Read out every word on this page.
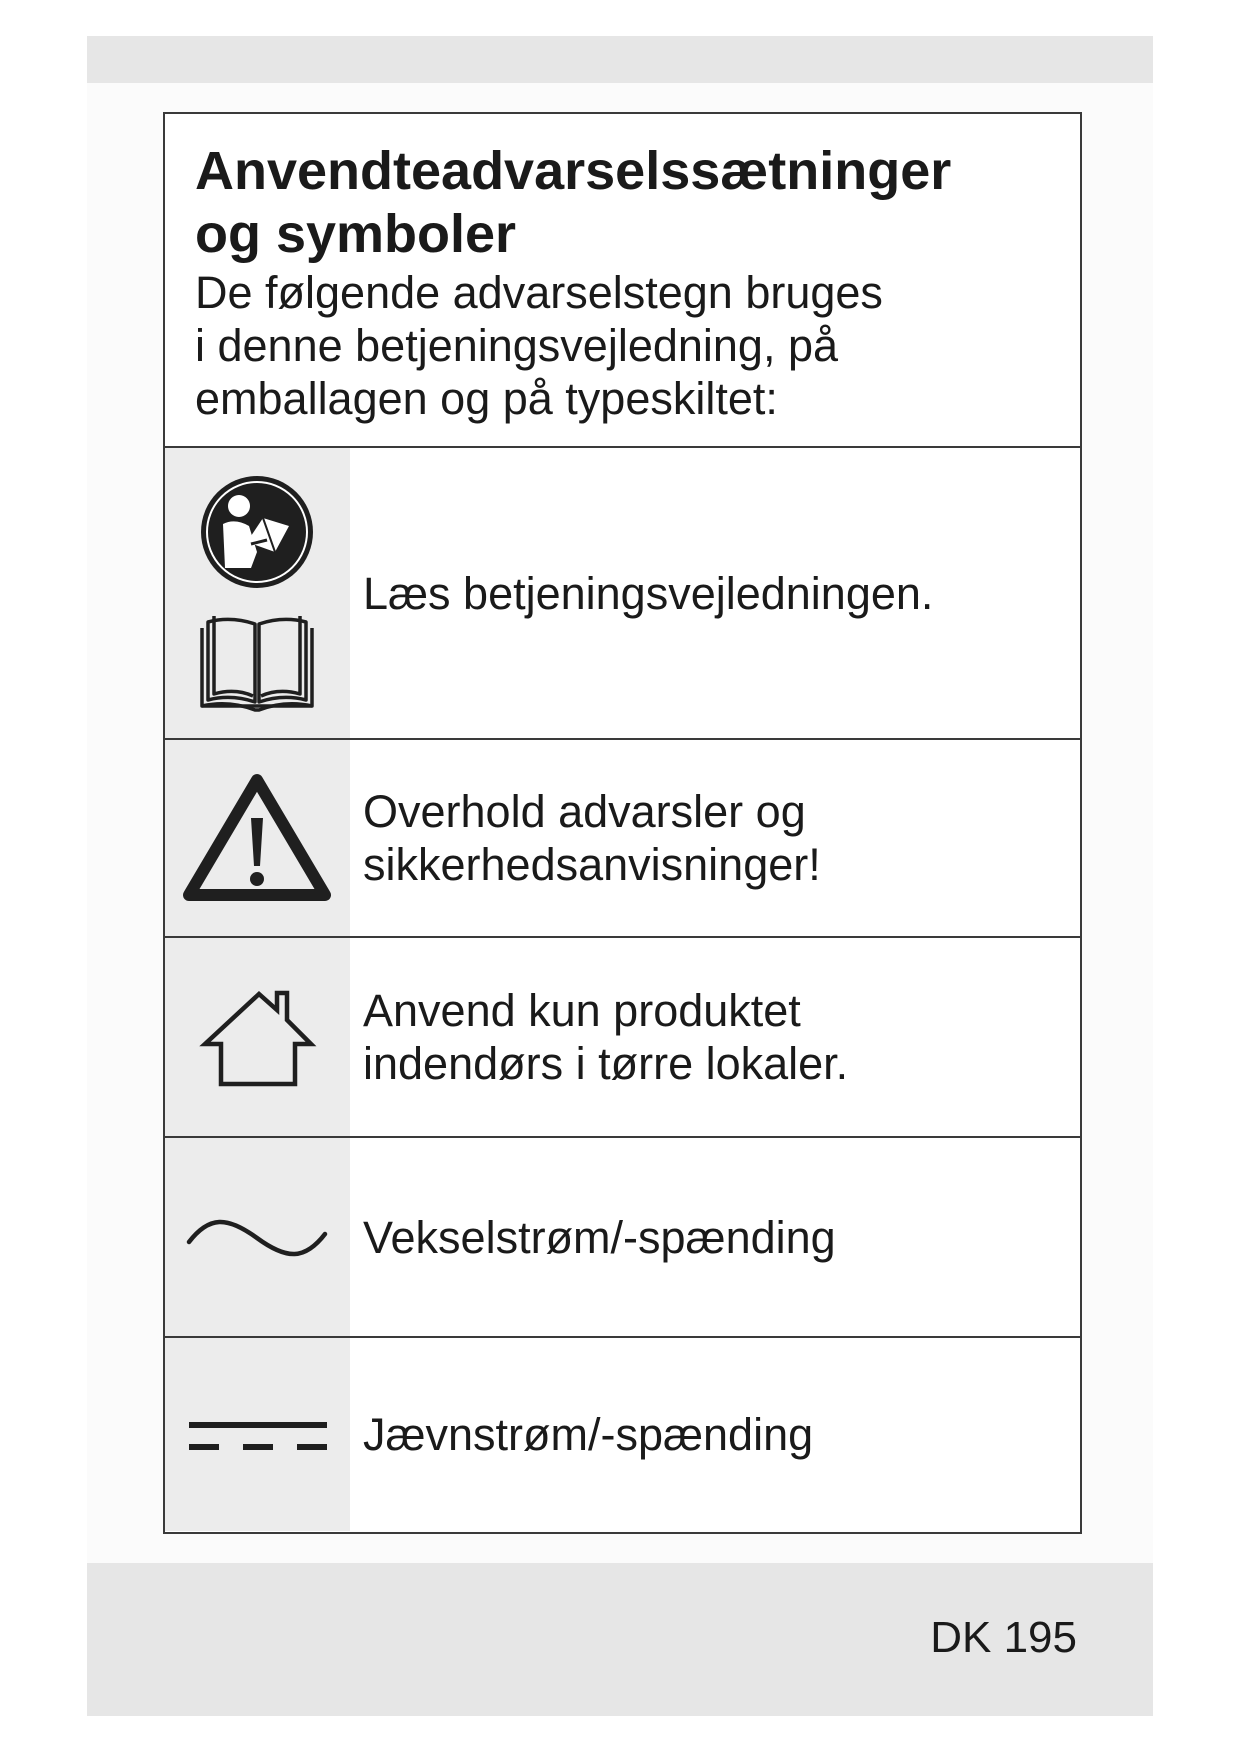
Anvendteadvarselssætninger
og symboler

De følgende advarselstegn bruges
i denne betjeningsvejledning, på
emballagen og på typeskiltet:

Læs betjeningsvejledningen.
Overhold advarsler og
sikkerhedsanvisninger!
Anvend kun produktet
indendørs i tørre lokaler.
Vekselstrøm/-spænding
Jævnstrøm/-spænding
DK 195
